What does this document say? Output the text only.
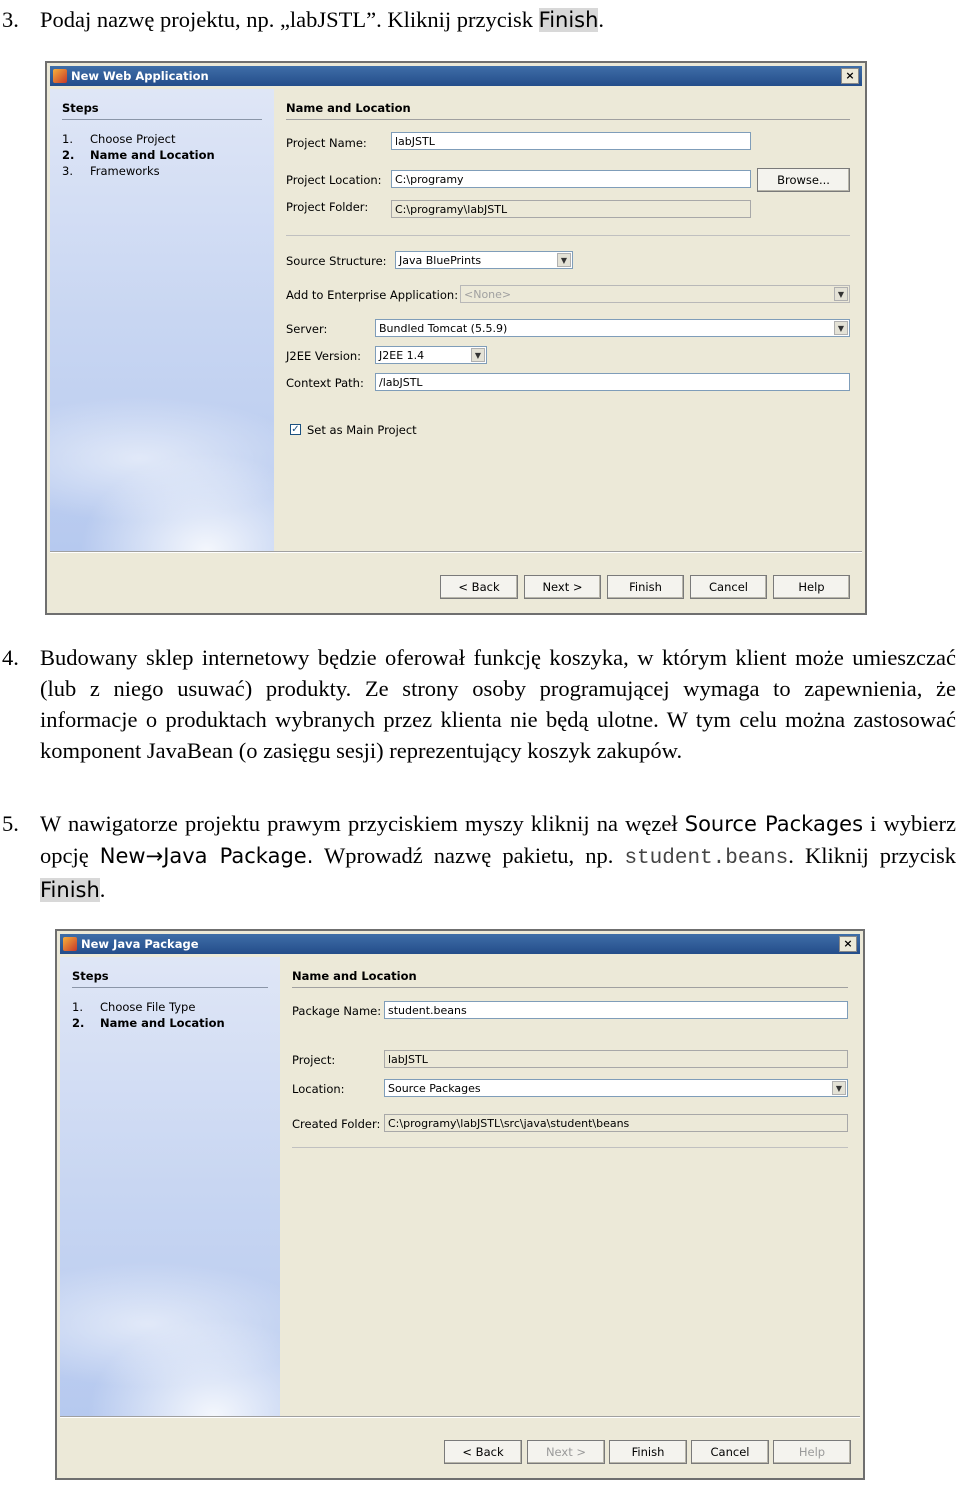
3. Podaj nazwę projektu, np. „labJSTL”. Kliknij przycisk Finish.
New Web Application	×
Steps
1. Choose Project
2. Name and Location
3. Frameworks
Name and Location
Project Name:	labJSTL
Project Location:	C:\programy	Browse...
Project Folder:	C:\programy\labJSTL
Source Structure:	Java BluePrints	▼
Add to Enterprise Application: <None>	▼
Server:	Bundled Tomcat (5.5.9)	▼
J2EE Version:	J2EE 1.4	▼
Context Path:	/labJSTL
✓ Set as Main Project
< Back	Next >	Finish	Cancel	Help
4. Budowany sklep internetowy będzie oferował funkcję koszyka, w którym klient może umieszczać (lub z niego usuwać) produkty. Ze strony osoby programującej wymaga to zapewnienia, że informacje o produktach wybranych przez klienta nie będą ulotne. W tym celu można zastosować komponent JavaBean (o zasięgu sesji) reprezentujący koszyk zakupów.
5. W nawigatorze projektu prawym przyciskiem myszy kliknij na węzeł Source Packages i wybierz opcję New→Java Package. Wprowadź nazwę pakietu, np. student.beans. Kliknij przycisk Finish.
New Java Package	×
Steps
1. Choose File Type
2. Name and Location
Name and Location
Package Name: student.beans
Project:	labJSTL
Location:	Source Packages	▼
Created Folder: C:\programy\labJSTL\src\java\student\beans
< Back	Next >	Finish	Cancel	Help
